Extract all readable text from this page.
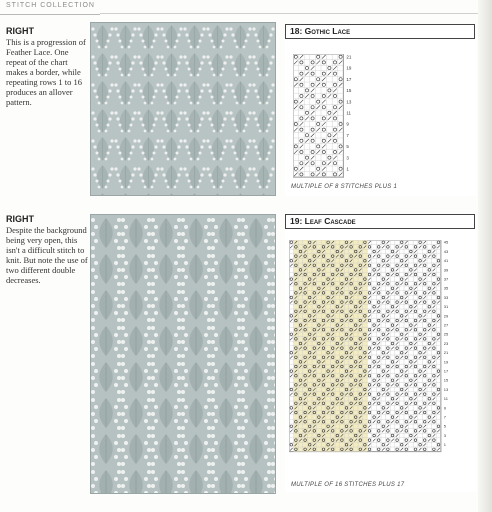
STITCH COLLECTION
RIGHT

This is a progression of Feather Lace. One repeat of the chart makes a border, while repeating rows 1 to 16 produces an allover pattern.

18: Gothic Lace
21
19
17
15
13
11
9
7
5
3
1
MULTIPLE OF 8 STITCHES PLUS 1
RIGHT

Despite the background being very open, this isn't a difficult stitch to knit. But note the use of two different double decreases.

19: Leaf Cascade
45
43
41
39
37
35
33
31
29
27
25
23
21
19
17
15
13
11
9
7
5
3
1
MULTIPLE OF 16 STITCHES PLUS 17
